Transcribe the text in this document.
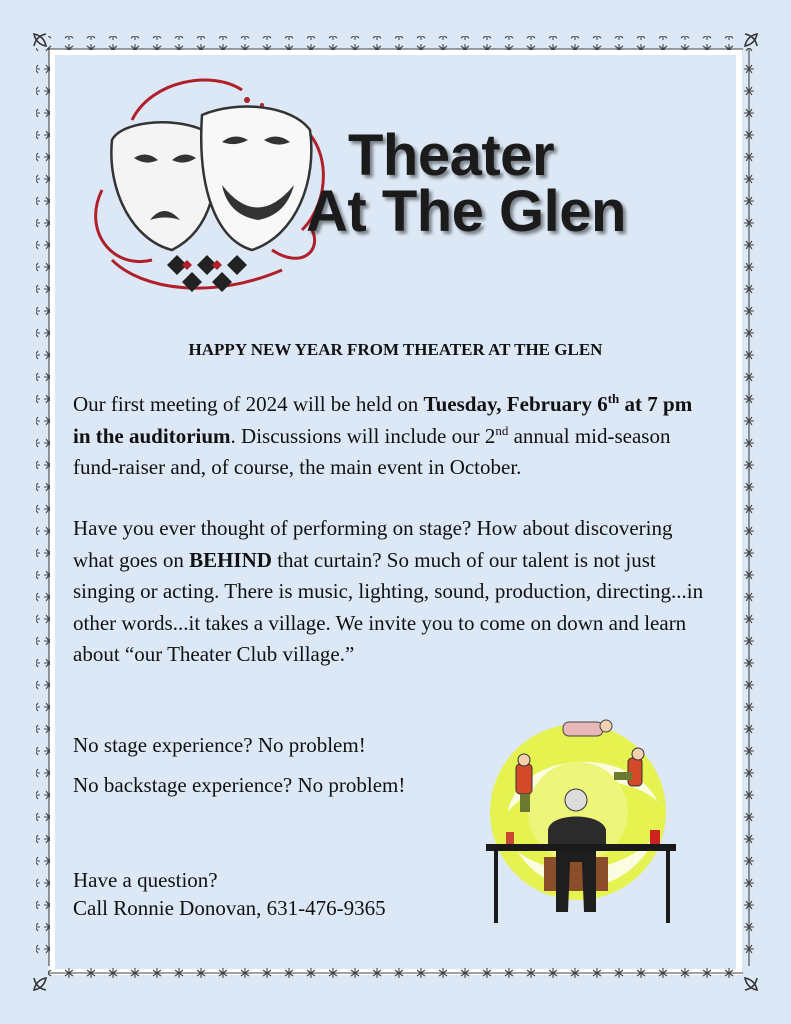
Theater
At The Glen
HAPPY NEW YEAR FROM THEATER AT THE GLEN

Our first meeting of 2024 will be held on Tuesday, February 6th at 7 pm in the auditorium. Discussions will include our 2nd annual mid-season fund-raiser and, of course, the main event in October.

Have you ever thought of performing on stage? How about discovering what goes on BEHIND that curtain? So much of our talent is not just singing or acting. There is music, lighting, sound, production, directing...in other words...it takes a village. We invite you to come on down and learn about “our Theater Club village.”

No stage experience? No problem!
No backstage experience? No problem!

Have a question?

Call Ronnie Donovan, 631-476-9365
